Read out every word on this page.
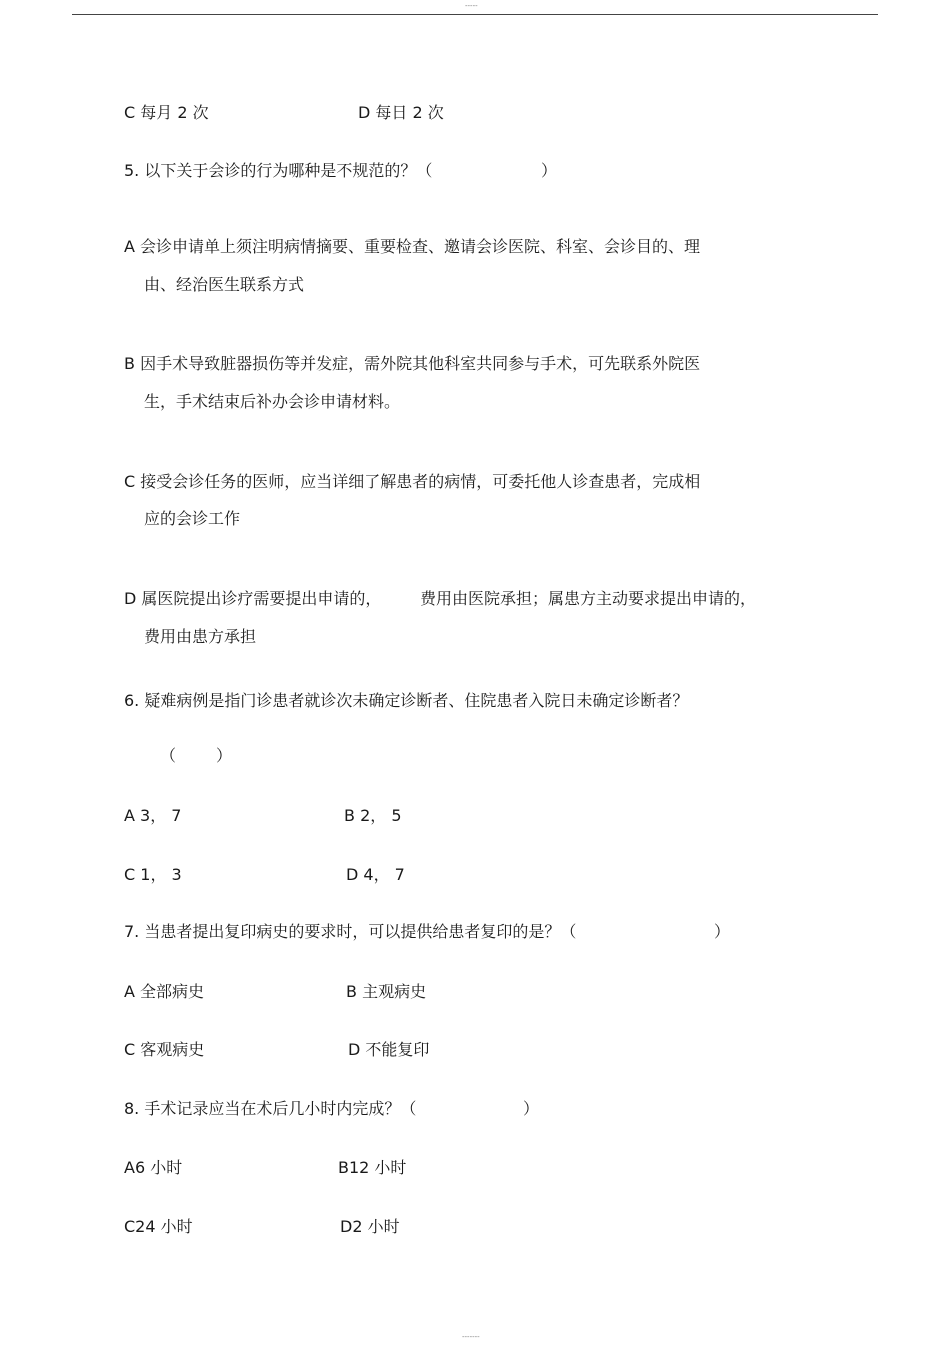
-----
C 每月 2 次	D 每日 2 次
5. 以下关于会诊的行为哪种是不规范的？（	）
A 会诊申请单上须注明病情摘要、重要检查、邀请会诊医院、科室、会诊目的、理
由、经治医生联系方式
B 因手术导致脏器损伤等并发症，需外院其他科室共同参与手术，可先联系外院医
生，手术结束后补办会诊申请材料。
C 接受会诊任务的医师，应当详细了解患者的病情，可委托他人诊查患者，完成相
应的会诊工作
D 属医院提出诊疗需要提出申请的， 费用由医院承担；属患方主动要求提出申请的，
费用由患方承担
6. 疑难病例是指门诊患者就诊次未确定诊断者、住院患者入院日未确定诊断者？
（ ）
A 3， 7	B 2， 5
C 1， 3	D 4， 7
7. 当患者提出复印病史的要求时，可以提供给患者复印的是？（	）
A 全部病史	B 主观病史
C 客观病史	D 不能复印
8. 手术记录应当在术后几小时内完成？（	）
A6 小时	B12 小时
C24 小时	D2 小时
-------
